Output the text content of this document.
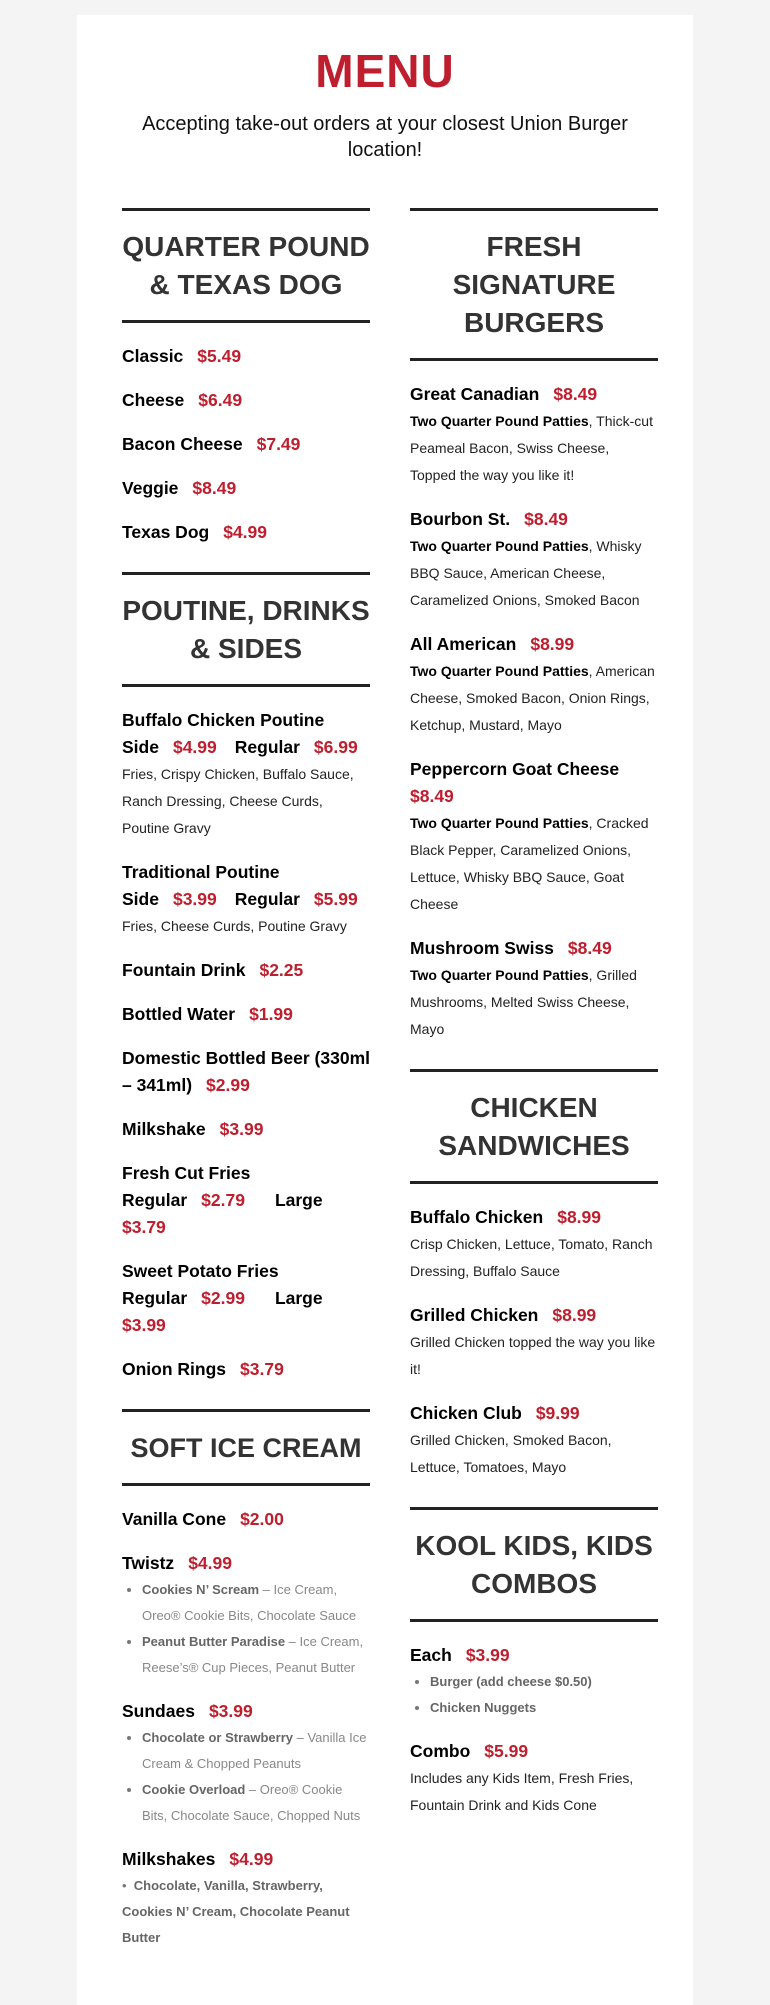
MENU
Accepting take-out orders at your closest Union Burger location!
QUARTER POUND & TEXAS DOG
Classic $5.49
Cheese $6.49
Bacon Cheese $7.49
Veggie $8.49
Texas Dog $4.99
POUTINE, DRINKS & SIDES
Buffalo Chicken Poutine
Side $4.99 Regular $6.99
Fries, Crispy Chicken, Buffalo Sauce, Ranch Dressing, Cheese Curds, Poutine Gravy
Traditional Poutine
Side $3.99 Regular $5.99
Fries, Cheese Curds, Poutine Gravy
Fountain Drink $2.25
Bottled Water $1.99
Domestic Bottled Beer (330ml – 341ml) $2.99
Milkshake $3.99
Fresh Cut Fries
Regular $2.79 Large $3.79
Sweet Potato Fries
Regular $2.99 Large $3.99
Onion Rings $3.79
SOFT ICE CREAM
Vanilla Cone $2.00
Twistz $4.99
• Cookies N’ Scream – Ice Cream, Oreo® Cookie Bits, Chocolate Sauce
• Peanut Butter Paradise – Ice Cream, Reese’s® Cup Pieces, Peanut Butter
Sundaes $3.99
• Chocolate or Strawberry – Vanilla Ice Cream & Chopped Peanuts
• Cookie Overload – Oreo® Cookie Bits, Chocolate Sauce, Chopped Nuts
Milkshakes $4.99
•  Chocolate, Vanilla, Strawberry, Cookies N’ Cream, Chocolate Peanut Butter
FRESH SIGNATURE BURGERS
Great Canadian $8.49
Two Quarter Pound Patties, Thick-cut Peameal Bacon, Swiss Cheese, Topped the way you like it!
Bourbon St. $8.49
Two Quarter Pound Patties, Whisky BBQ Sauce, American Cheese, Caramelized Onions, Smoked Bacon
All American $8.99
Two Quarter Pound Patties, American Cheese, Smoked Bacon, Onion Rings, Ketchup, Mustard, Mayo
Peppercorn Goat Cheese $8.49
Two Quarter Pound Patties, Cracked Black Pepper, Caramelized Onions, Lettuce, Whisky BBQ Sauce, Goat Cheese
Mushroom Swiss $8.49
Two Quarter Pound Patties, Grilled Mushrooms, Melted Swiss Cheese, Mayo
CHICKEN SANDWICHES
Buffalo Chicken $8.99
Crisp Chicken, Lettuce, Tomato, Ranch Dressing, Buffalo Sauce
Grilled Chicken $8.99
Grilled Chicken topped the way you like it!
Chicken Club $9.99
Grilled Chicken, Smoked Bacon, Lettuce, Tomatoes, Mayo
KOOL KIDS, KIDS COMBOS
Each $3.99
• Burger (add cheese $0.50)
• Chicken Nuggets
Combo $5.99
Includes any Kids Item, Fresh Fries, Fountain Drink and Kids Cone
